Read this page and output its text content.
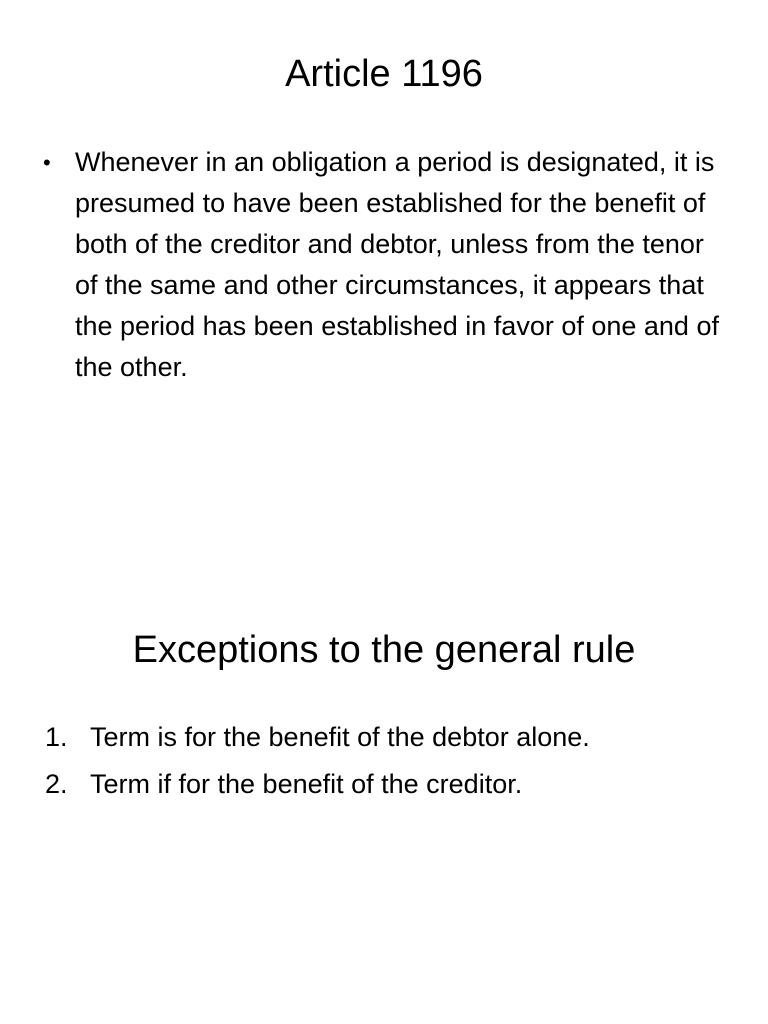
Article 1196
• Whenever in an obligation a period is designated, it is presumed to have been established for the benefit of both of the creditor and debtor, unless from the tenor of the same and other circumstances, it appears that the period has been established in favor of one and of the other.
Exceptions to the general rule
1. Term is for the benefit of the debtor alone.
2. Term if for the benefit of the creditor.
